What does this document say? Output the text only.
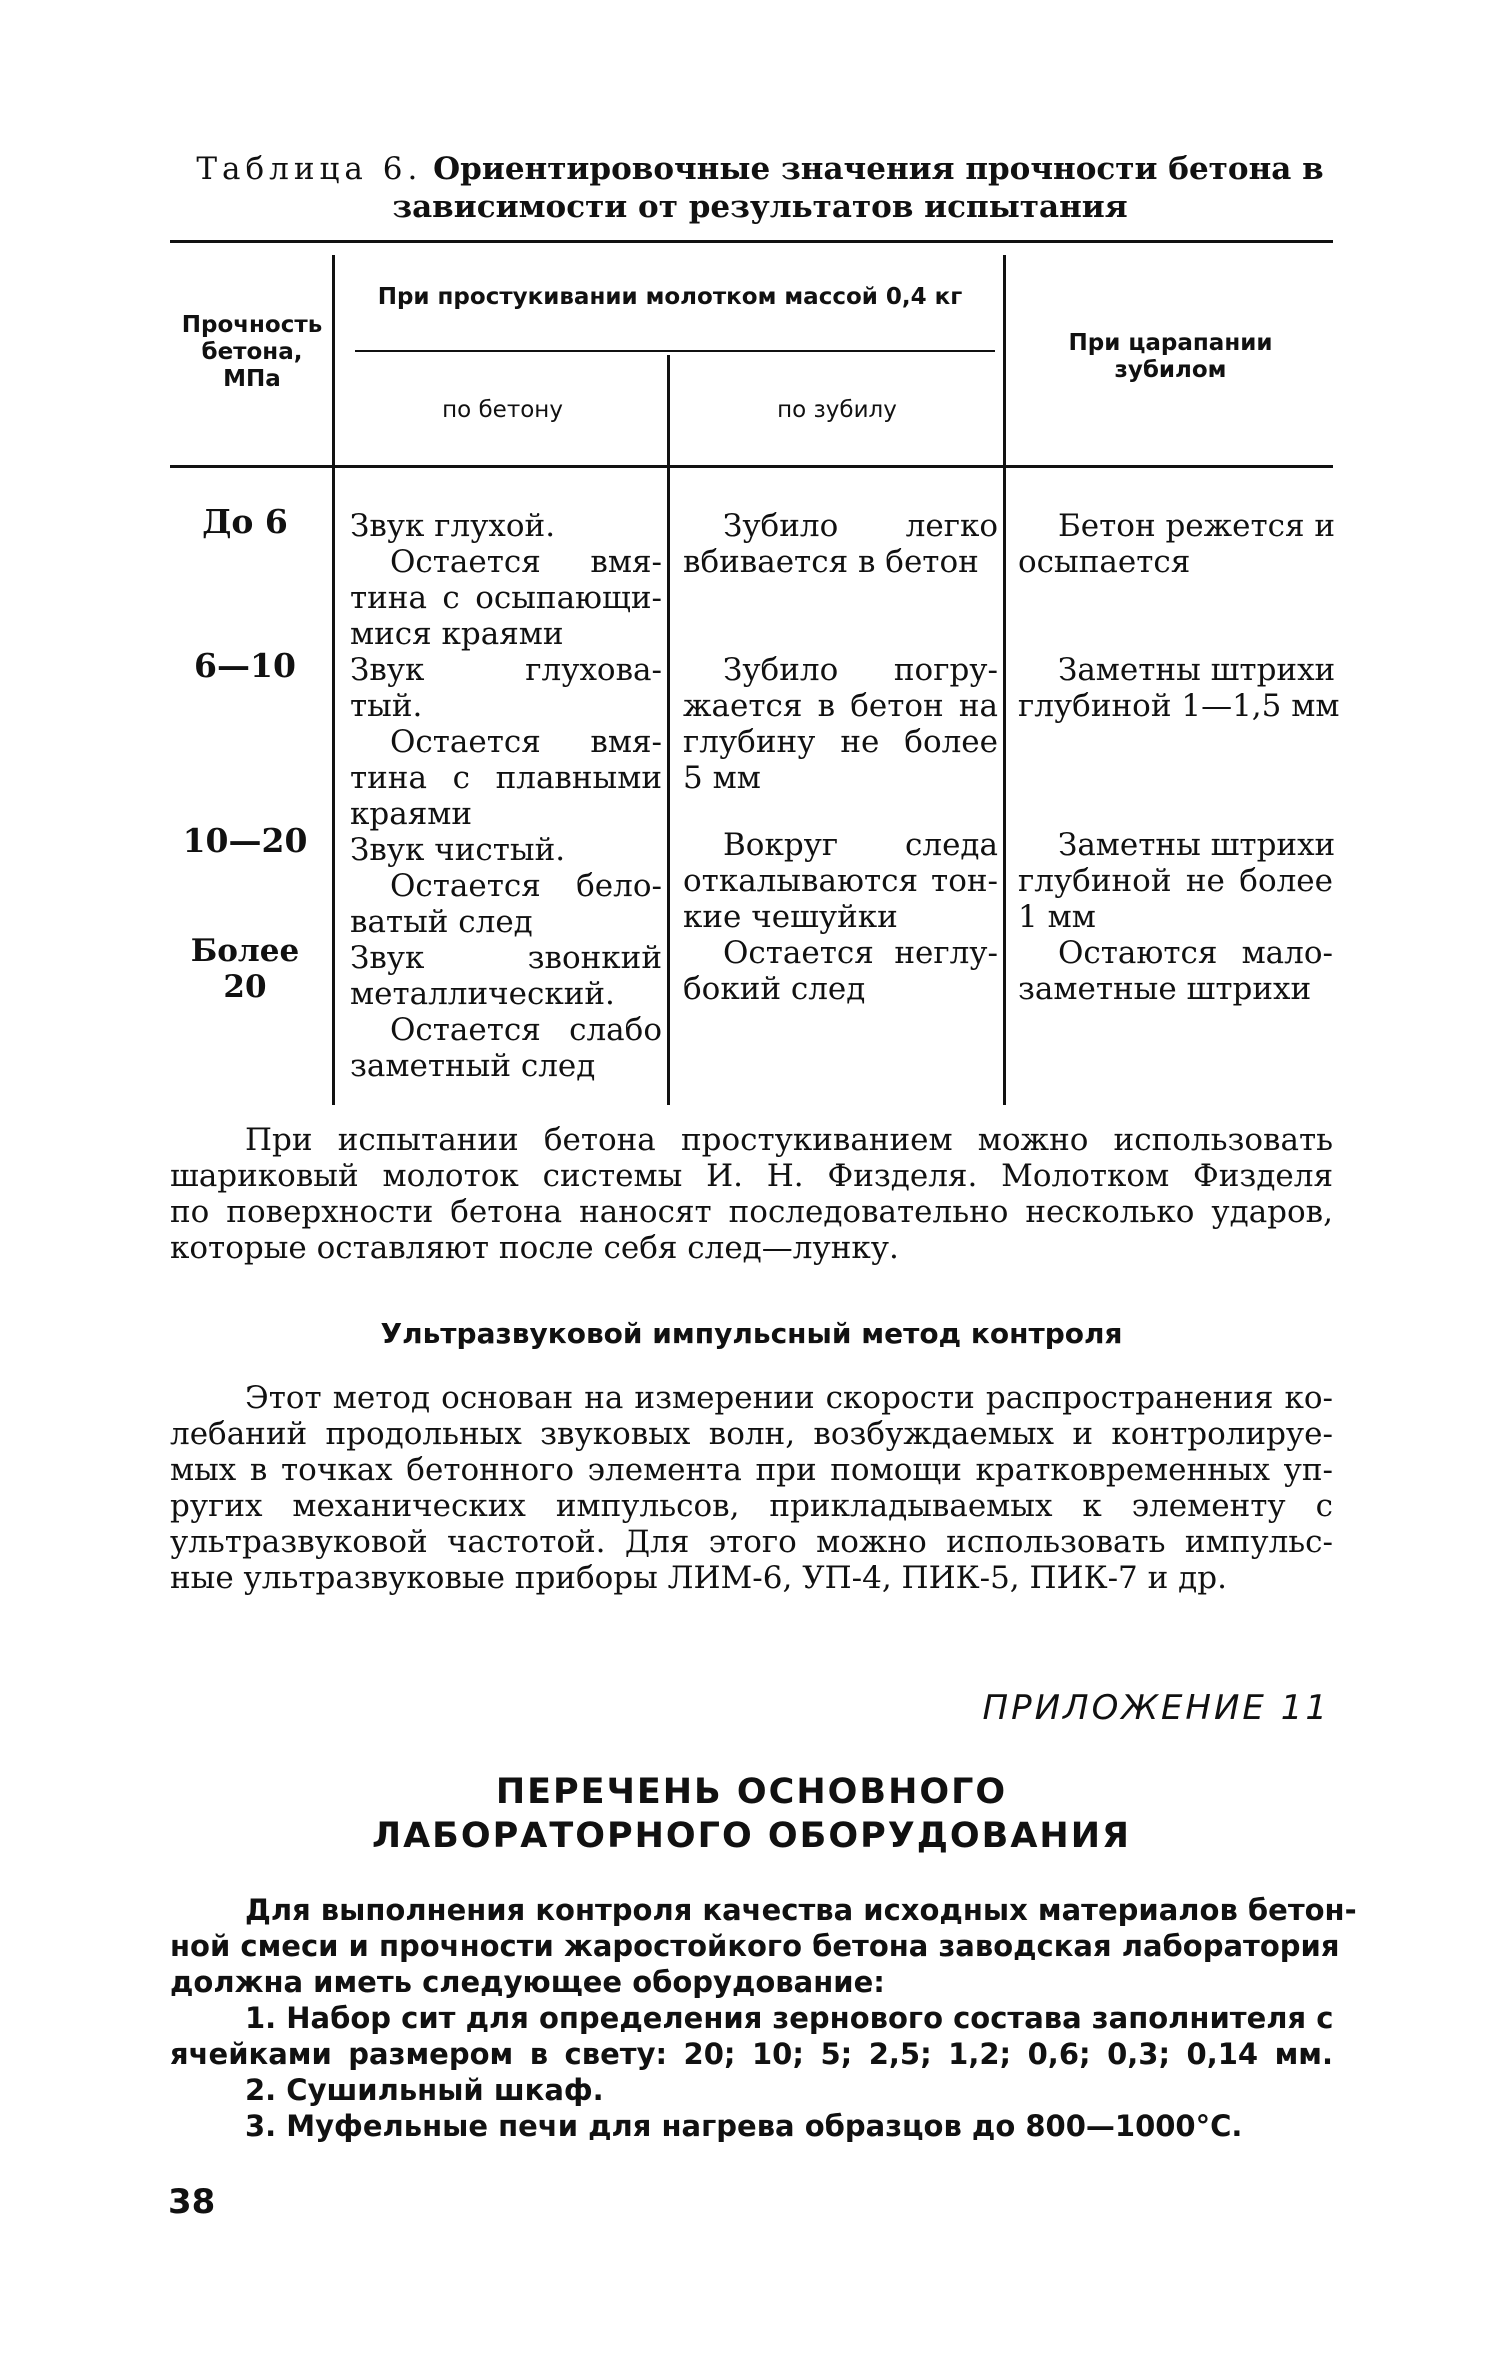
Таблица 6. Ориентировочные значения прочности бетона в
зависимости от результатов испытания
Прочность
бетона,
МПа
При простукивании молотком массой 0,4 кг
по бетону	по зубилу
При царапании
зубилом
До 6
6—10
10—20
Более 20
Звук глухой.
Остается вмя-
тина с осыпающи-
мися краями
Звук глухова-
тый.
Остается вмя-
тина с плавными
краями
Звук чистый.
Остается бело-
ватый след
Звук звонкий
металлический.
Остается слабо
заметный след
Зубило легко
вбивается в бетон
Зубило погру-
жается в бетон на
глубину не более
5 мм
Вокруг следа
откалываются тон-
кие чешуйки
Остается неглу-
бокий след
Бетон режется и
осыпается
Заметны штрихи
глубиной 1—1,5 мм
Заметны штрихи
глубиной не более
1 мм
Остаются мало-
заметные штрихи
При испытании бетона простукиванием можно использовать
шариковый молоток системы И. Н. Физделя. Молотком Физделя
по поверхности бетона наносят последовательно несколько ударов,
которые оставляют после себя след—лунку.
Ультразвуковой импульсный метод контроля
Этот метод основан на измерении скорости распространения ко-
лебаний продольных звуковых волн, возбуждаемых и контролируе-
мых в точках бетонного элемента при помощи кратковременных уп-
ругих механических импульсов, прикладываемых к элементу с
ультразвуковой частотой. Для этого можно использовать импульс-
ные ультразвуковые приборы ЛИМ-6, УП-4, ПИК-5, ПИК-7 и др.
ПРИЛОЖЕНИЕ 11
ПЕРЕЧЕНЬ ОСНОВНОГО
ЛАБОРАТОРНОГО ОБОРУДОВАНИЯ
Для выполнения контроля качества исходных материалов бетон-
ной смеси и прочности жаростойкого бетона заводская лаборатория
должна иметь следующее оборудование:
1. Набор сит для определения зернового состава заполнителя с
ячейками размером в свету: 20; 10; 5; 2,5; 1,2; 0,6; 0,3; 0,14 мм.
2. Сушильный шкаф.
3. Муфельные печи для нагрева образцов до 800—1000°С.
38
